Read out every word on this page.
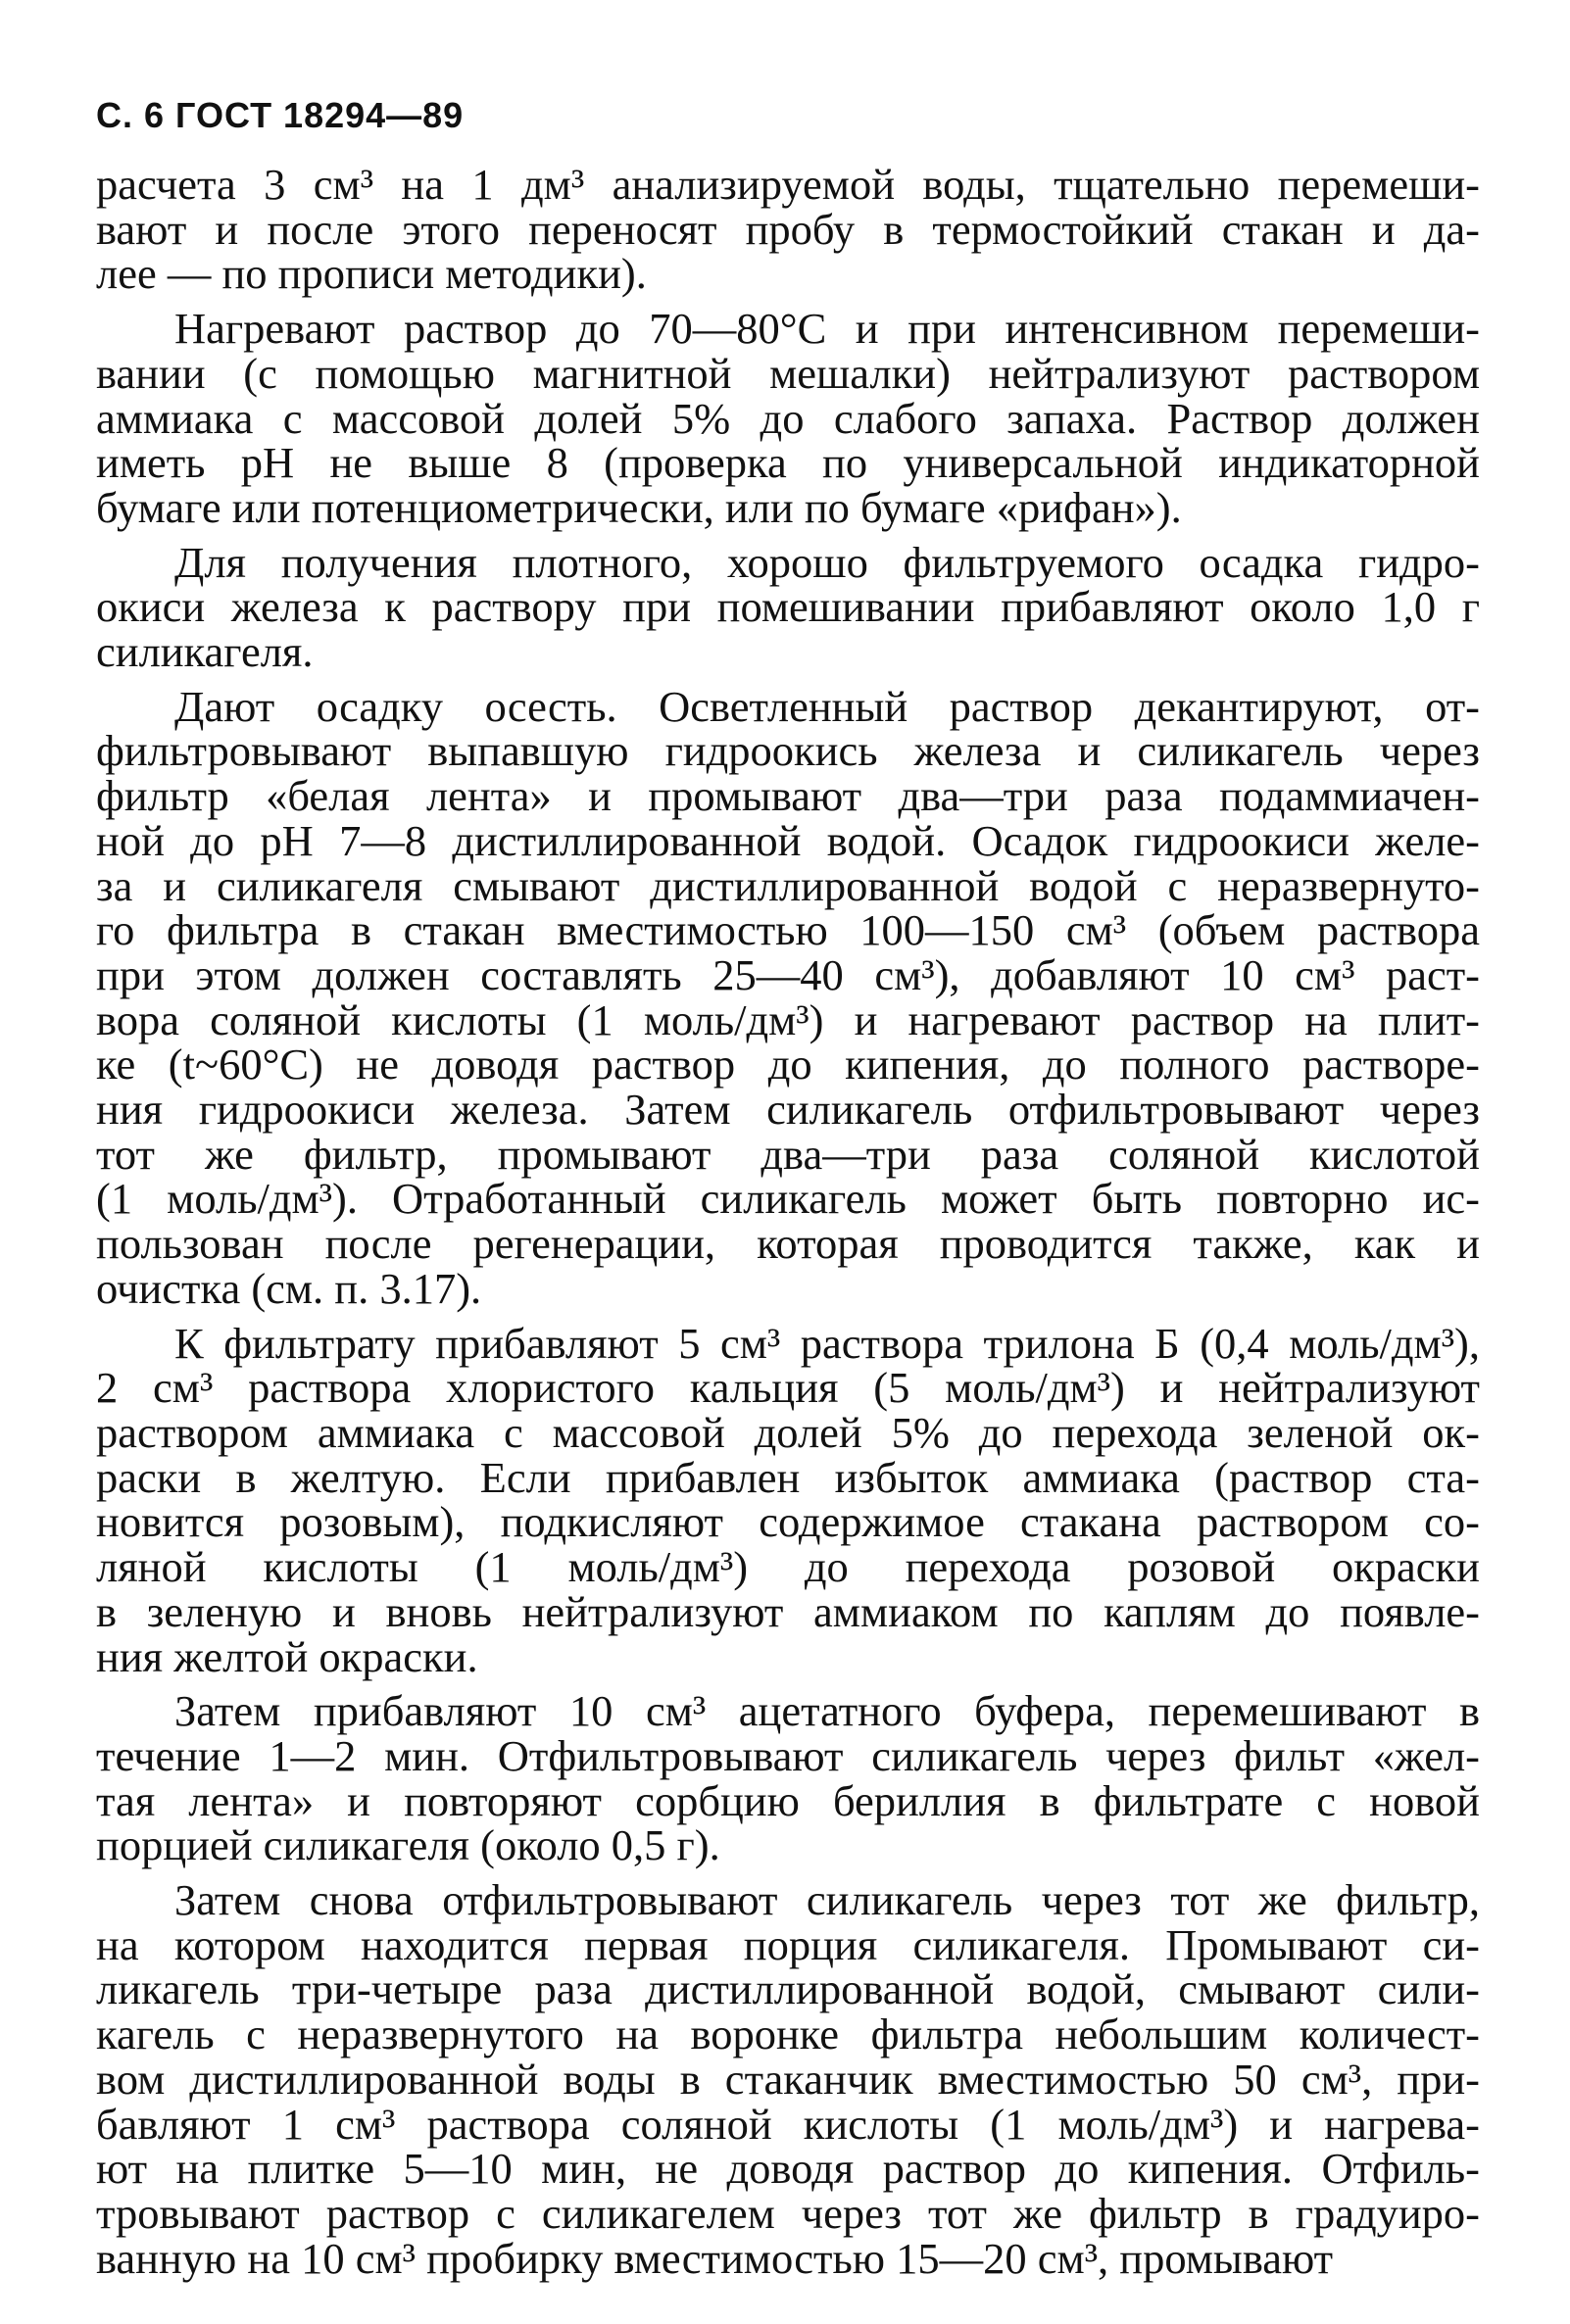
С. 6 ГОСТ 18294—89
расчета 3 см³ на 1 дм³ анализируемой воды, тщательно перемеши-
вают и после этого переносят пробу в термостойкий стакан и да-
лее — по прописи методики).
Нагревают раствор до 70—80°С и при интенсивном перемеши-
вании (с помощью магнитной мешалки) нейтрализуют раствором
аммиака с массовой долей 5% до слабого запаха. Раствор должен
иметь pH не выше 8 (проверка по универсальной индикаторной
бумаге или потенциометрически, или по бумаге «рифан»).
Для получения плотного, хорошо фильтруемого осадка гидро-
окиси железа к раствору при помешивании прибавляют около 1,0 г
силикагеля.
Дают осадку осесть. Осветленный раствор декантируют, от-
фильтровывают выпавшую гидроокись железа и силикагель через
фильтр «белая лента» и промывают два—три раза подаммиачен-
ной до pH 7—8 дистиллированной водой. Осадок гидроокиси желе-
за и силикагеля смывают дистиллированной водой с неразвернуто-
го фильтра в стакан вместимостью 100—150 см³ (объем раствора
при этом должен составлять 25—40 см³), добавляют 10 см³ раст-
вора соляной кислоты (1 моль/дм³) и нагревают раствор на плит-
ке (t~60°С) не доводя раствор до кипения, до полного растворе-
ния гидроокиси железа. Затем силикагель отфильтровывают через
тот же фильтр, промывают два—три раза соляной кислотой
(1 моль/дм³). Отработанный силикагель может быть повторно ис-
пользован после регенерации, которая проводится также, как и
очистка (см. п. 3.17).
К фильтрату прибавляют 5 см³ раствора трилона Б (0,4 моль/дм³),
2 см³ раствора хлористого кальция (5 моль/дм³) и нейтрализуют
раствором аммиака с массовой долей 5% до перехода зеленой ок-
раски в желтую. Если прибавлен избыток аммиака (раствор ста-
новится розовым), подкисляют содержимое стакана раствором со-
ляной кислоты (1 моль/дм³) до перехода розовой окраски
в зеленую и вновь нейтрализуют аммиаком по каплям до появле-
ния желтой окраски.
Затем прибавляют 10 см³ ацетатного буфера, перемешивают в
течение 1—2 мин. Отфильтровывают силикагель через фильт «жел-
тая лента» и повторяют сорбцию бериллия в фильтрате с новой
порцией силикагеля (около 0,5 г).
Затем снова отфильтровывают силикагель через тот же фильтр,
на котором находится первая порция силикагеля. Промывают си-
ликагель три-четыре раза дистиллированной водой, смывают сили-
кагель с неразвернутого на воронке фильтра небольшим количест-
вом дистиллированной воды в стаканчик вместимостью 50 см³, при-
бавляют 1 см³ раствора соляной кислоты (1 моль/дм³) и нагрева-
ют на плитке 5—10 мин, не доводя раствор до кипения. Отфиль-
тровывают раствор с силикагелем через тот же фильтр в градуиро-
ванную на 10 см³ пробирку вместимостью 15—20 см³, промывают
